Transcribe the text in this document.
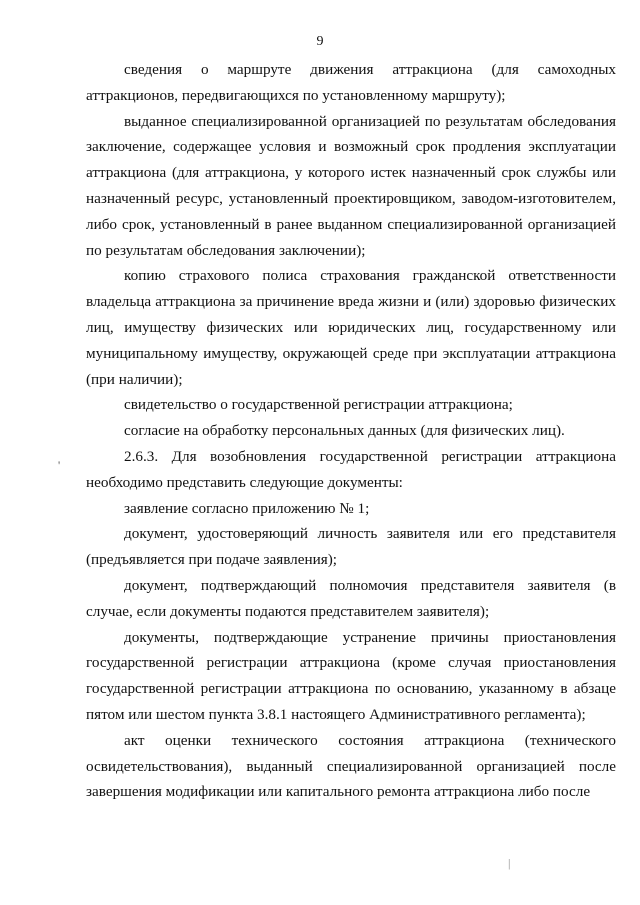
9

сведения о маршруте движения аттракциона (для самоходных аттракционов, передвигающихся по установленному маршруту);

выданное специализированной организацией по результатам обследования заключение, содержащее условия и возможный срок продления эксплуатации аттракциона (для аттракциона, у которого истек назначенный срок службы или назначенный ресурс, установленный проектировщиком, заводом-изготовителем, либо срок, установленный в ранее выданном специализированной организацией по результатам обследования заключении);

копию страхового полиса страхования гражданской ответственности владельца аттракциона за причинение вреда жизни и (или) здоровью физических лиц, имуществу физических или юридических лиц, государственному или муниципальному имуществу, окружающей среде при эксплуатации аттракциона (при наличии);

свидетельство о государственной регистрации аттракциона;

согласие на обработку персональных данных (для физических лиц).

2.6.3. Для возобновления государственной регистрации аттракциона необходимо представить следующие документы:

заявление согласно приложению № 1;

документ, удостоверяющий личность заявителя или его представителя (предъявляется при подаче заявления);

документ, подтверждающий полномочия представителя заявителя (в случае, если документы подаются представителем заявителя);

документы, подтверждающие устранение причины приостановления государственной регистрации аттракциона (кроме случая приостановления государственной регистрации аттракциона по основанию, указанному в абзаце пятом или шестом пункта 3.8.1 настоящего Административного регламента);

акт оценки технического состояния аттракциона (технического освидетельствования), выданный специализированной организацией после завершения модификации или капитального ремонта аттракциона либо после

'
|
